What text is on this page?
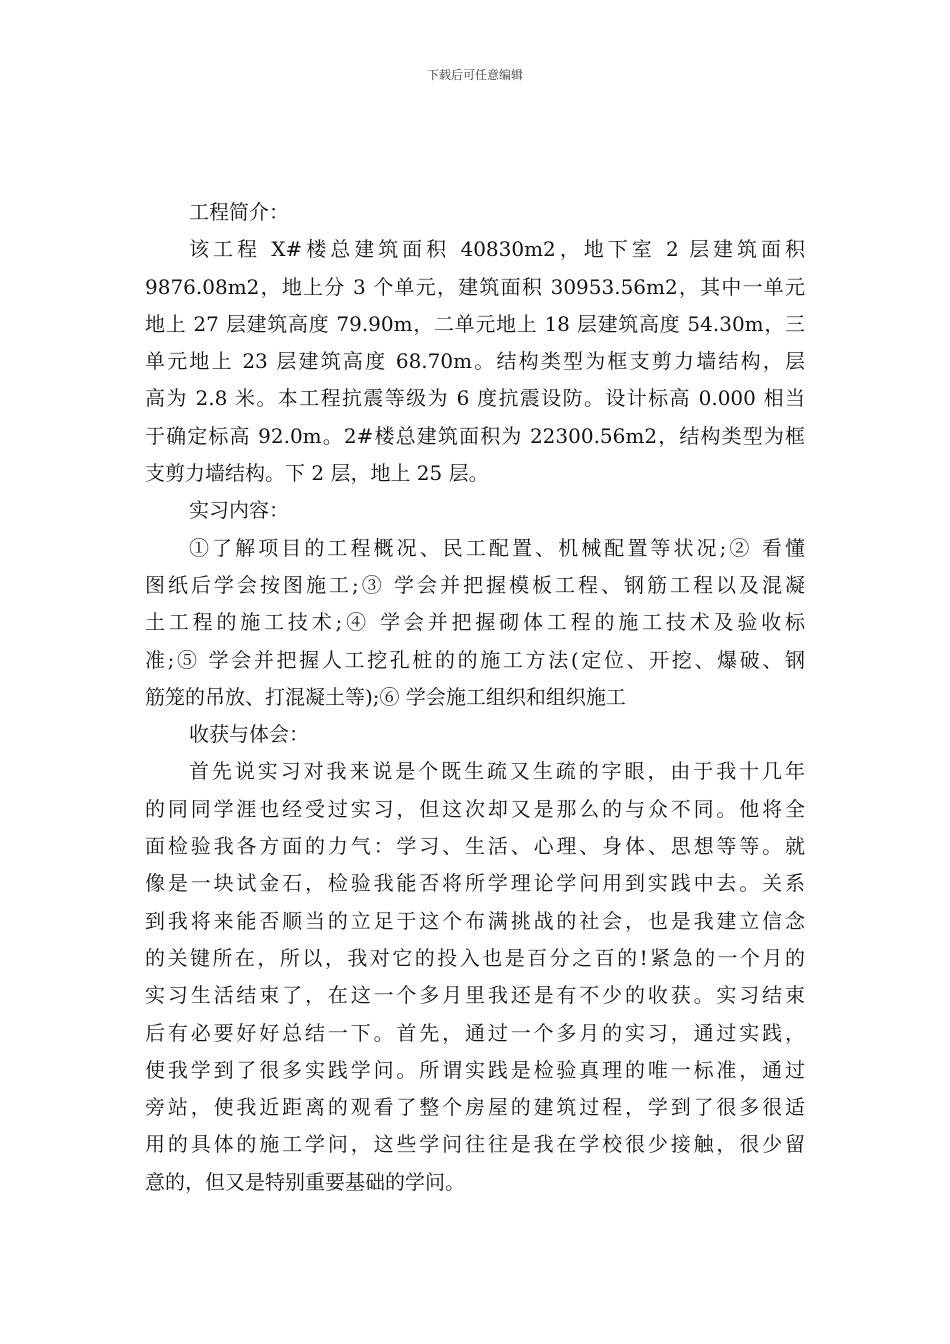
下载后可任意编辑
工程简介：
该工程 X#楼总建筑面积 40830m2，地下室 2 层建筑面积
9876.08m2，地上分 3 个单元，建筑面积 30953.56m2，其中一单元
地上 27 层建筑高度 79.90m，二单元地上 18 层建筑高度 54.30m，三
单元地上 23 层建筑高度 68.70m。结构类型为框支剪力墙结构，层
高为 2.8 米。本工程抗震等级为 6 度抗震设防。设计标高 0.000 相当
于确定标高 92.0m。2#楼总建筑面积为 22300.56m2，结构类型为框
支剪力墙结构。下 2 层，地上 25 层。
实习内容：
①了解项目的工程概况、民工配置、机械配置等状况;② 看懂
图纸后学会按图施工;③ 学会并把握模板工程、钢筋工程以及混凝
土工程的施工技术;④ 学会并把握砌体工程的施工技术及验收标
准;⑤ 学会并把握人工挖孔桩的的施工方法(定位、开挖、爆破、钢
筋笼的吊放、打混凝土等);⑥ 学会施工组织和组织施工
收获与体会：
首先说实习对我来说是个既生疏又生疏的字眼，由于我十几年
的同同学涯也经受过实习，但这次却又是那么的与众不同。他将全
面检验我各方面的力气：学习、生活、心理、身体、思想等等。就
像是一块试金石，检验我能否将所学理论学问用到实践中去。关系
到我将来能否顺当的立足于这个布满挑战的社会，也是我建立信念
的关键所在，所以，我对它的投入也是百分之百的!紧急的一个月的
实习生活结束了，在这一个多月里我还是有不少的收获。实习结束
后有必要好好总结一下。首先，通过一个多月的实习，通过实践，
使我学到了很多实践学问。所谓实践是检验真理的唯一标准，通过
旁站，使我近距离的观看了整个房屋的建筑过程，学到了很多很适
用的具体的施工学问，这些学问往往是我在学校很少接触，很少留
意的，但又是特别重要基础的学问。
